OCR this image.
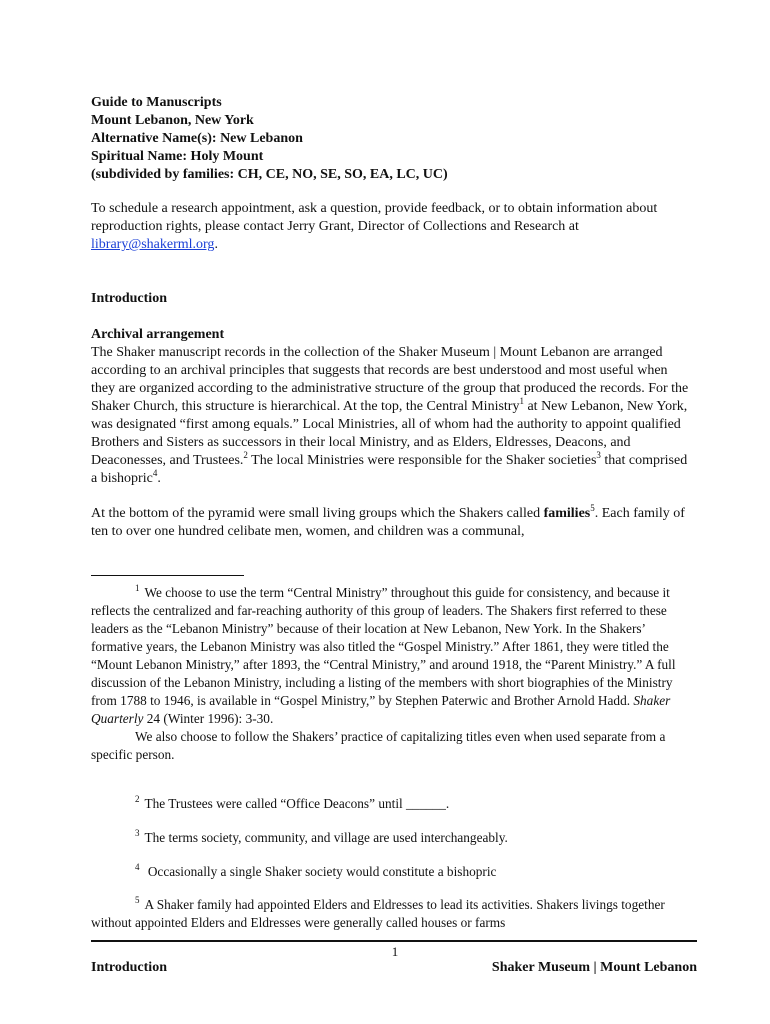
Guide to Manuscripts
Mount Lebanon, New York
Alternative Name(s): New Lebanon
Spiritual Name: Holy Mount
(subdivided by families: CH, CE, NO, SE, SO, EA, LC, UC)
To schedule a research appointment, ask a question, provide feedback, or to obtain information about reproduction rights, please contact Jerry Grant, Director of Collections and Research at library@shakerml.org.
Introduction
Archival arrangement
The Shaker manuscript records in the collection of the Shaker Museum | Mount Lebanon are arranged according to an archival principles that suggests that records are best understood and most useful when they are organized according to the administrative structure of the group that produced the records. For the Shaker Church, this structure is hierarchical. At the top, the Central Ministry$^1$ at New Lebanon, New York, was designated “first among equals.” Local Ministries, all of whom had the authority to appoint qualified Brothers and Sisters as successors in their local Ministry, and as Elders, Eldresses, Deacons, and Deaconesses, and Trustees.$^2$ The local Ministries were responsible for the Shaker societies$^3$ that comprised a bishopric$^4$.
At the bottom of the pyramid were small living groups which the Shakers called families$^5$. Each family of ten to over one hundred celibate men, women, and children was a communal,
$^1$ We choose to use the term “Central Ministry” throughout this guide for consistency, and because it reflects the centralized and far-reaching authority of this group of leaders. The Shakers first referred to these leaders as the “Lebanon Ministry” because of their location at New Lebanon, New York. In the Shakers’ formative years, the Lebanon Ministry was also titled the “Gospel Ministry.” After 1861, they were titled the “Mount Lebanon Ministry,” after 1893, the “Central Ministry,” and around 1918, the “Parent Ministry.” A full discussion of the Lebanon Ministry, including a listing of the members with short biographies of the Ministry from 1788 to 1946, is available in “Gospel Ministry,” by Stephen Paterwic and Brother Arnold Hadd. Shaker Quarterly 24 (Winter 1996): 3-30.
We also choose to follow the Shakers’ practice of capitalizing titles even when used separate from a specific person.
$^2$ The Trustees were called “Office Deacons” until ______.
$^3$ The terms society, community, and village are used interchangeably.
$^4$ Occasionally a single Shaker society would constitute a bishopric
$^5$ A Shaker family had appointed Elders and Eldresses to lead its activities. Shakers livings together without appointed Elders and Eldresses were generally called houses or farms
1
Introduction	Shaker Museum | Mount Lebanon
